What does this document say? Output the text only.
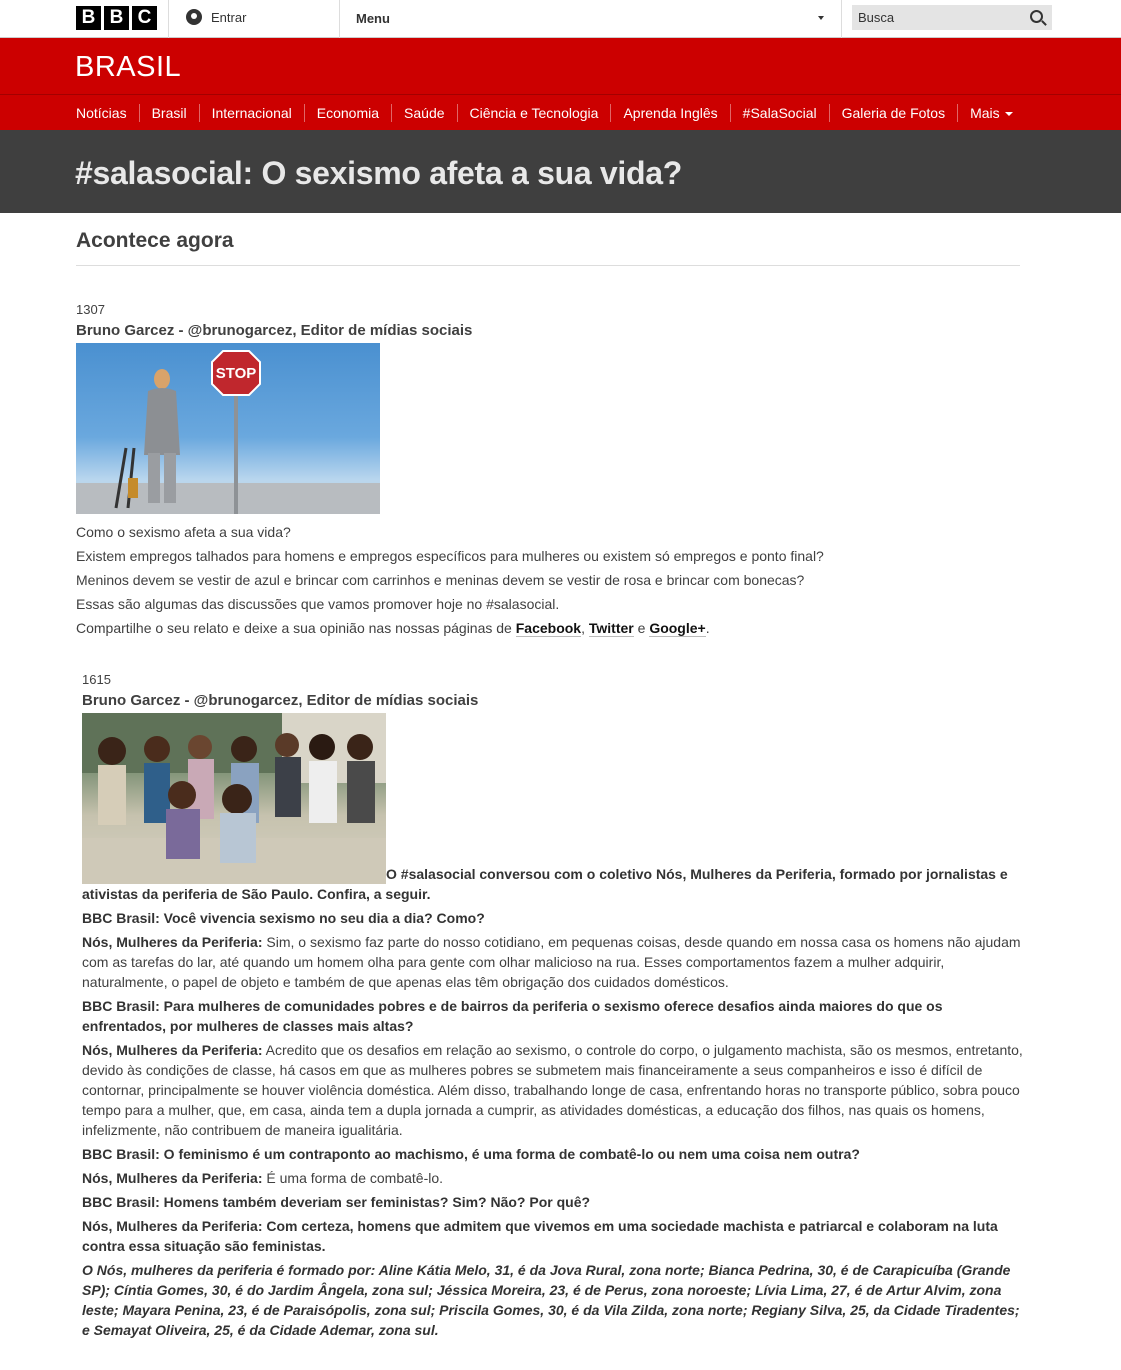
B B C	Entrar	Menu
Busca
BRASIL
Notícias	Brasil	Internacional	Economia	Saúde	Ciência e Tecnologia	Aprenda Inglês	#SalaSocial	Galeria de Fotos	Mais
#salasocial: O sexismo afeta a sua vida?
Acontece agora
1307
Bruno Garcez - @brunogarcez, Editor de mídias sociais
STOP

Como o sexismo afeta a sua vida?

Existem empregos talhados para homens e empregos específicos para mulheres ou existem só empregos e ponto final?

Meninos devem se vestir de azul e brincar com carrinhos e meninas devem se vestir de rosa e brincar com bonecas?

Essas são algumas das discussões que vamos promover hoje no #salasocial.

Compartilhe o seu relato e deixe a sua opinião nas nossas páginas de Facebook, Twitter e Google+.

1615
Bruno Garcez - @brunogarcez, Editor de mídias sociais
O #salasocial conversou com o coletivo Nós, Mulheres da Periferia, formado por jornalistas e ativistas da periferia de São Paulo. Confira, a seguir.
BBC Brasil: Você vivencia sexismo no seu dia a dia? Como?
Nós, Mulheres da Periferia: Sim, o sexismo faz parte do nosso cotidiano, em pequenas coisas, desde quando em nossa casa os homens não ajudam com as tarefas do lar, até quando um homem olha para gente com olhar malicioso na rua. Esses comportamentos fazem a mulher adquirir, naturalmente, o papel de objeto e também de que apenas elas têm obrigação dos cuidados domésticos.
BBC Brasil: Para mulheres de comunidades pobres e de bairros da periferia o sexismo oferece desafios ainda maiores do que os enfrentados, por mulheres de classes mais altas?
Nós, Mulheres da Periferia: Acredito que os desafios em relação ao sexismo, o controle do corpo, o julgamento machista, são os mesmos, entretanto, devido às condições de classe, há casos em que as mulheres pobres se submetem mais financeiramente a seus companheiros e isso é difícil de contornar, principalmente se houver violência doméstica. Além disso, trabalhando longe de casa, enfrentando horas no transporte público, sobra pouco tempo para a mulher, que, em casa, ainda tem a dupla jornada a cumprir, as atividades domésticas, a educação dos filhos, nas quais os homens, infelizmente, não contribuem de maneira igualitária.
BBC Brasil: O feminismo é um contraponto ao machismo, é uma forma de combatê-lo ou nem uma coisa nem outra?
Nós, Mulheres da Periferia: É uma forma de combatê-lo.
BBC Brasil: Homens também deveriam ser feministas? Sim? Não? Por quê?
Nós, Mulheres da Periferia: Com certeza, homens que admitem que vivemos em uma sociedade machista e patriarcal e colaboram na luta contra essa situação são feministas.
O Nós, mulheres da periferia é formado por: Aline Kátia Melo, 31, é da Jova Rural, zona norte; Bianca Pedrina, 30, é de Carapicuíba (Grande SP); Cíntia Gomes, 30, é do Jardim Ângela, zona sul; Jéssica Moreira, 23, é de Perus, zona noroeste; Lívia Lima, 27, é de Artur Alvim, zona leste; Mayara Penina, 23, é de Paraisópolis, zona sul; Priscila Gomes, 30, é da Vila Zilda, zona norte; Regiany Silva, 25, da Cidade Tiradentes; e Semayat Oliveira, 25, é da Cidade Ademar, zona sul.
